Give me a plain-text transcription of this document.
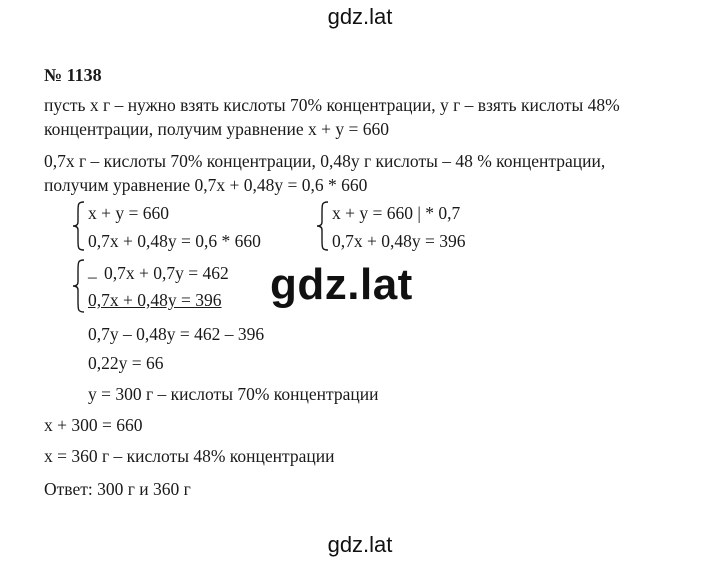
gdz.lat
№ 1138
пусть х г – нужно взять кислоты 70% концентрации, у г – взять кислоты 48%
концентрации, получим уравнение х + у = 660
0,7х г – кислоты 70% концентрации, 0,48у г кислоты – 48 % концентрации,
получим уравнение 0,7х + 0,48у = 0,6 * 660
х + у = 660
0,7х + 0,48у = 0,6 * 660
х + у = 660 | * 0,7
0,7х + 0,48у = 396
_ 0,7х + 0,7у = 462
0,7х + 0,48у = 396 gdz.lat
0,7у – 0,48у = 462 – 396
0,22у = 66
у = 300 г – кислоты 70% концентрации
х + 300 = 660
х = 360 г – кислоты 48% концентрации
Ответ: 300 г и 360 г
gdz.lat
